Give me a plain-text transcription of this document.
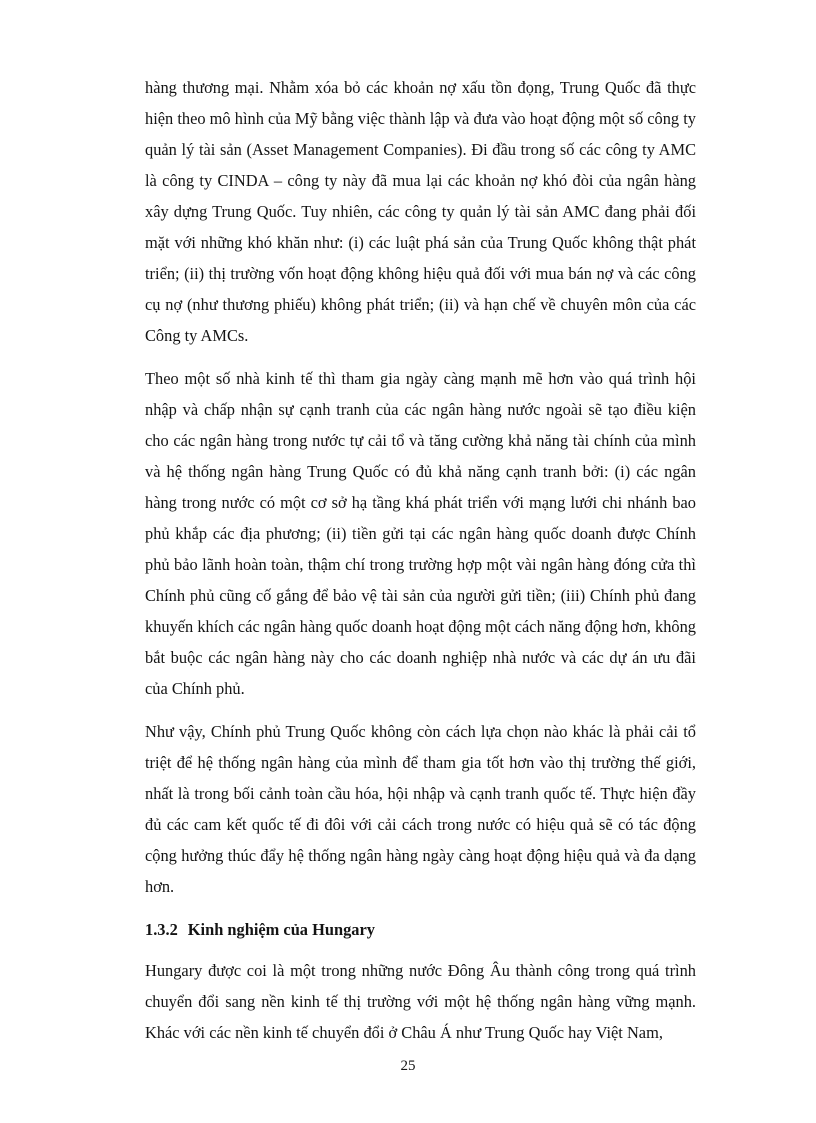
hàng thương mại. Nhằm xóa bỏ các khoản nợ xấu tồn đọng, Trung Quốc đã thực hiện theo mô hình của Mỹ bằng việc thành lập và đưa vào hoạt động một số công ty quản lý tài sản (Asset Management Companies). Đi đầu trong số các công ty AMC là công ty CINDA – công ty này đã mua lại các khoản nợ khó đòi của ngân hàng xây dựng Trung Quốc. Tuy nhiên, các công ty quản lý tài sản AMC đang phải đối mặt với những khó khăn như: (i) các luật phá sản của Trung Quốc không thật phát triển; (ii) thị trường vốn hoạt động không hiệu quả đối với mua bán nợ và các công cụ nợ (như thương phiếu) không phát triển; (ii) và hạn chế về chuyên môn của các Công ty AMCs.

Theo một số nhà kinh tế thì tham gia ngày càng mạnh mẽ hơn vào quá trình hội nhập và chấp nhận sự cạnh tranh của các ngân hàng nước ngoài sẽ tạo điều kiện cho các ngân hàng trong nước tự cải tổ và tăng cường khả năng tài chính của mình và hệ thống ngân hàng Trung Quốc có đủ khả năng cạnh tranh bởi: (i) các ngân hàng trong nước có một cơ sở hạ tầng khá phát triển với mạng lưới chi nhánh bao phủ khắp các địa phương; (ii) tiền gửi tại các ngân hàng quốc doanh được Chính phủ bảo lãnh hoàn toàn, thậm chí trong trường hợp một vài ngân hàng đóng cửa thì Chính phủ cũng cố gắng để bảo vệ tài sản của người gửi tiền; (iii) Chính phủ đang khuyến khích các ngân hàng quốc doanh hoạt động một cách năng động hơn, không bắt buộc các ngân hàng này cho các doanh nghiệp nhà nước và các dự án ưu đãi của Chính phủ.

Như vậy, Chính phủ Trung Quốc không còn cách lựa chọn nào khác là phải cải tổ triệt để hệ thống ngân hàng của mình để tham gia tốt hơn vào thị trường thế giới, nhất là trong bối cảnh toàn cầu hóa, hội nhập và cạnh tranh quốc tế. Thực hiện đầy đủ các cam kết quốc tế đi đôi với cải cách trong nước có hiệu quả sẽ có tác động cộng hưởng thúc đẩy hệ thống ngân hàng ngày càng hoạt động hiệu quả và đa dạng hơn.

1.3.2 Kinh nghiệm của Hungary

Hungary được coi là một trong những nước Đông Âu thành công trong quá trình chuyển đổi sang nền kinh tế thị trường với một hệ thống ngân hàng vững mạnh. Khác với các nền kinh tế chuyển đổi ở Châu Á như Trung Quốc hay Việt Nam,

25
